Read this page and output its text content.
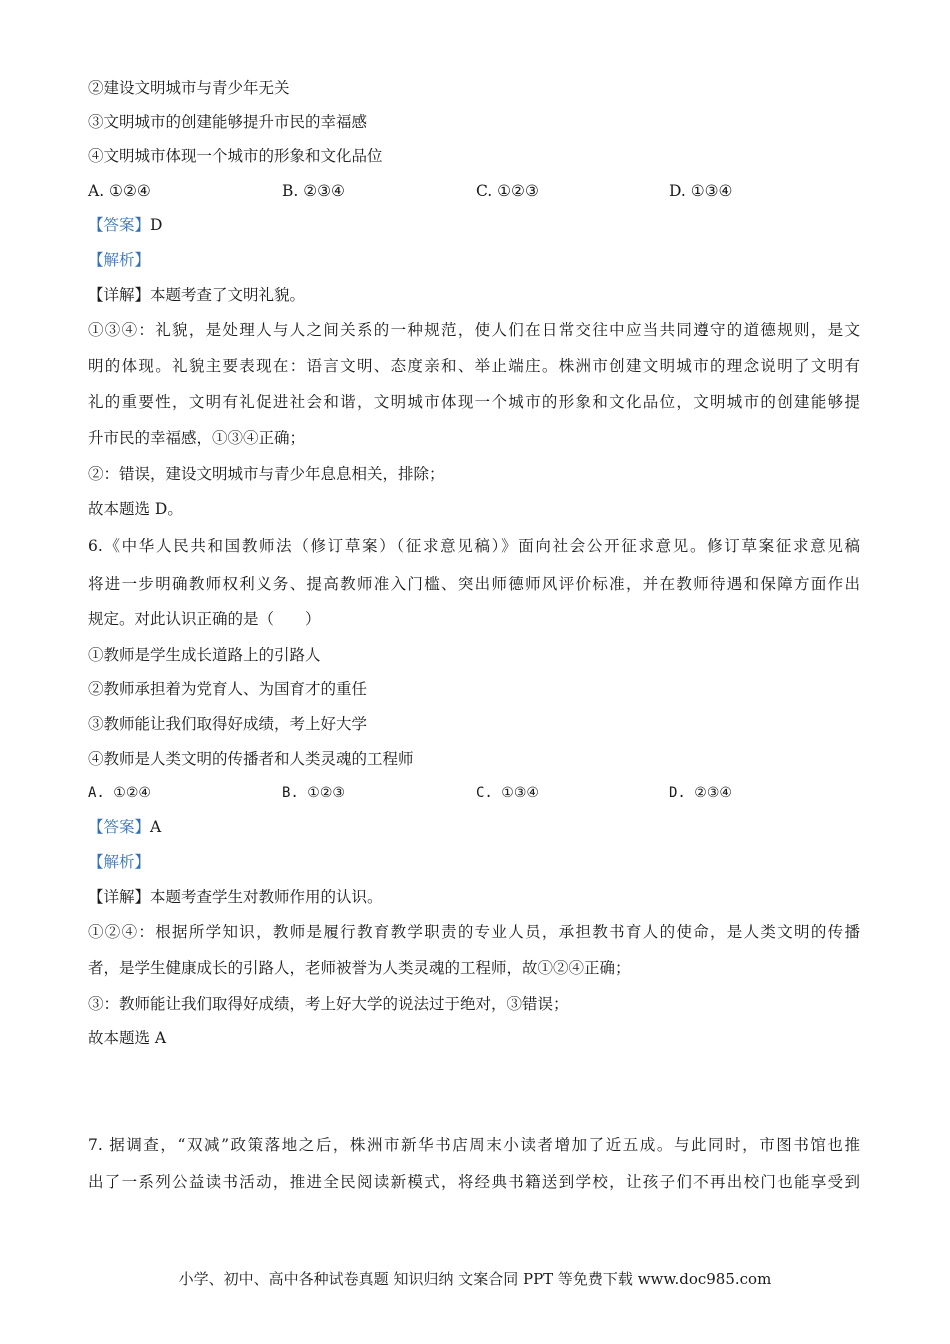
②建设文明城市与青少年无关
③文明城市的创建能够提升市民的幸福感
④文明城市体现一个城市的形象和文化品位
A. ①②④	B. ②③④	C. ①②③	D. ①③④
【答案】D
【解析】
【详解】本题考查了文明礼貌。
①③④：礼貌，是处理人与人之间关系的一种规范，使人们在日常交往中应当共同遵守的道德规则，是文
明的体现。礼貌主要表现在：语言文明、态度亲和、举止端庄。株洲市创建文明城市的理念说明了文明有
礼的重要性，文明有礼促进社会和谐，文明城市体现一个城市的形象和文化品位，文明城市的创建能够提
升市民的幸福感，①③④正确；
②：错误，建设文明城市与青少年息息相关，排除；
故本题选 D。
6.《中华人民共和国教师法（修订草案）（征求意见稿）》面向社会公开征求意见。修订草案征求意见稿
将进一步明确教师权利义务、提高教师准入门槛、突出师德师风评价标准，并在教师待遇和保障方面作出
规定。对此认识正确的是（　　）
①教师是学生成长道路上的引路人
②教师承担着为党育人、为国育才的重任
③教师能让我们取得好成绩，考上好大学
④教师是人类文明的传播者和人类灵魂的工程师
A. ①②④	B. ①②③	C. ①③④	D. ②③④
【答案】A
【解析】
【详解】本题考查学生对教师作用的认识。
①②④：根据所学知识，教师是履行教育教学职责的专业人员，承担教书育人的使命，是人类文明的传播
者，是学生健康成长的引路人，老师被誉为人类灵魂的工程师，故①②④正确；
③：教师能让我们取得好成绩，考上好大学的说法过于绝对，③错误；
故本题选 A
7. 据调查，“双减”政策落地之后，株洲市新华书店周末小读者增加了近五成。与此同时，市图书馆也推
出了一系列公益读书活动，推进全民阅读新模式，将经典书籍送到学校，让孩子们不再出校门也能享受到
小学、初中、高中各种试卷真题 知识归纳 文案合同 PPT 等免费下载 www.doc985.com
